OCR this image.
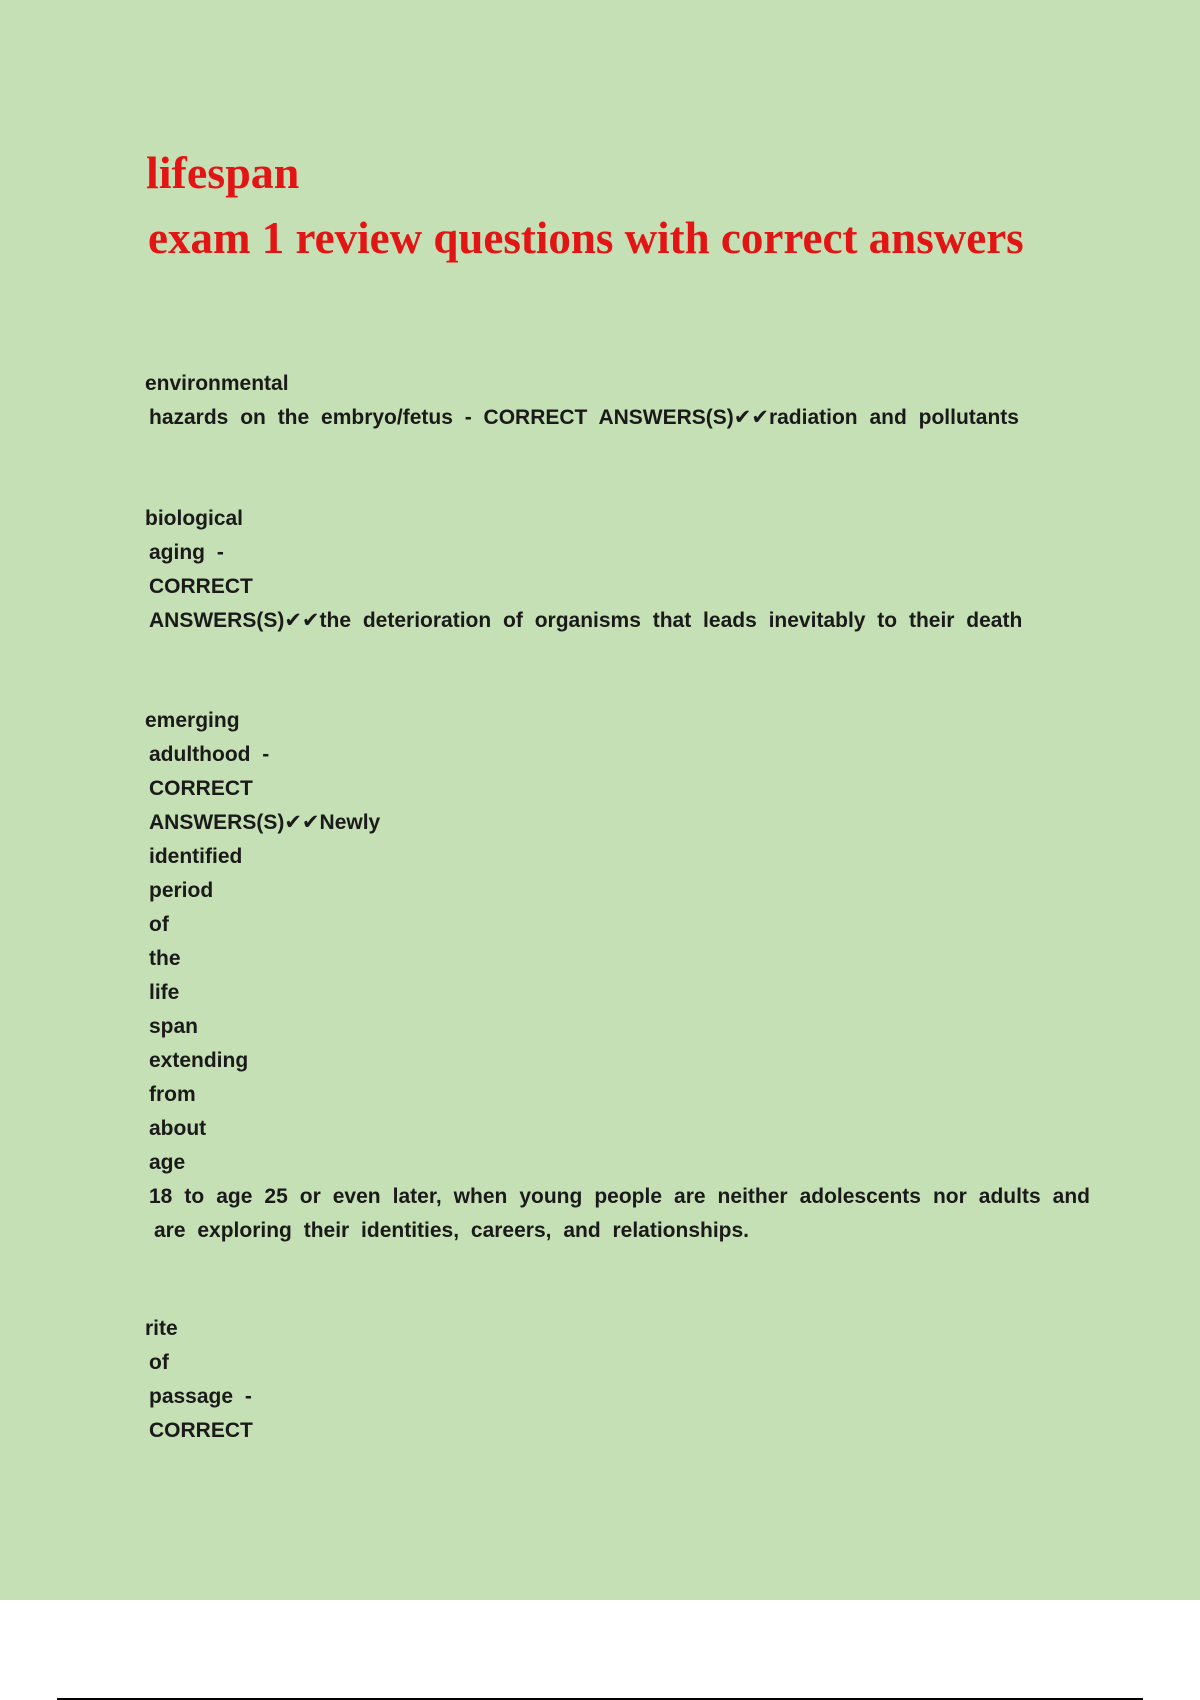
lifespan
exam 1 review questions with correct answers
environmental
hazards on the embryo/fetus - CORRECT ANSWERS(S)✔✔radiation and pollutants
biological
aging -
CORRECT
ANSWERS(S)✔✔the deterioration of organisms that leads inevitably to their death
emerging
adulthood -
CORRECT
ANSWERS(S)✔✔Newly
identified
period
of
the
life
span
extending
from
about
age
18 to age 25 or even later, when young people are neither adolescents nor adults and
are exploring their identities, careers, and relationships.
rite
of
passage -
CORRECT
